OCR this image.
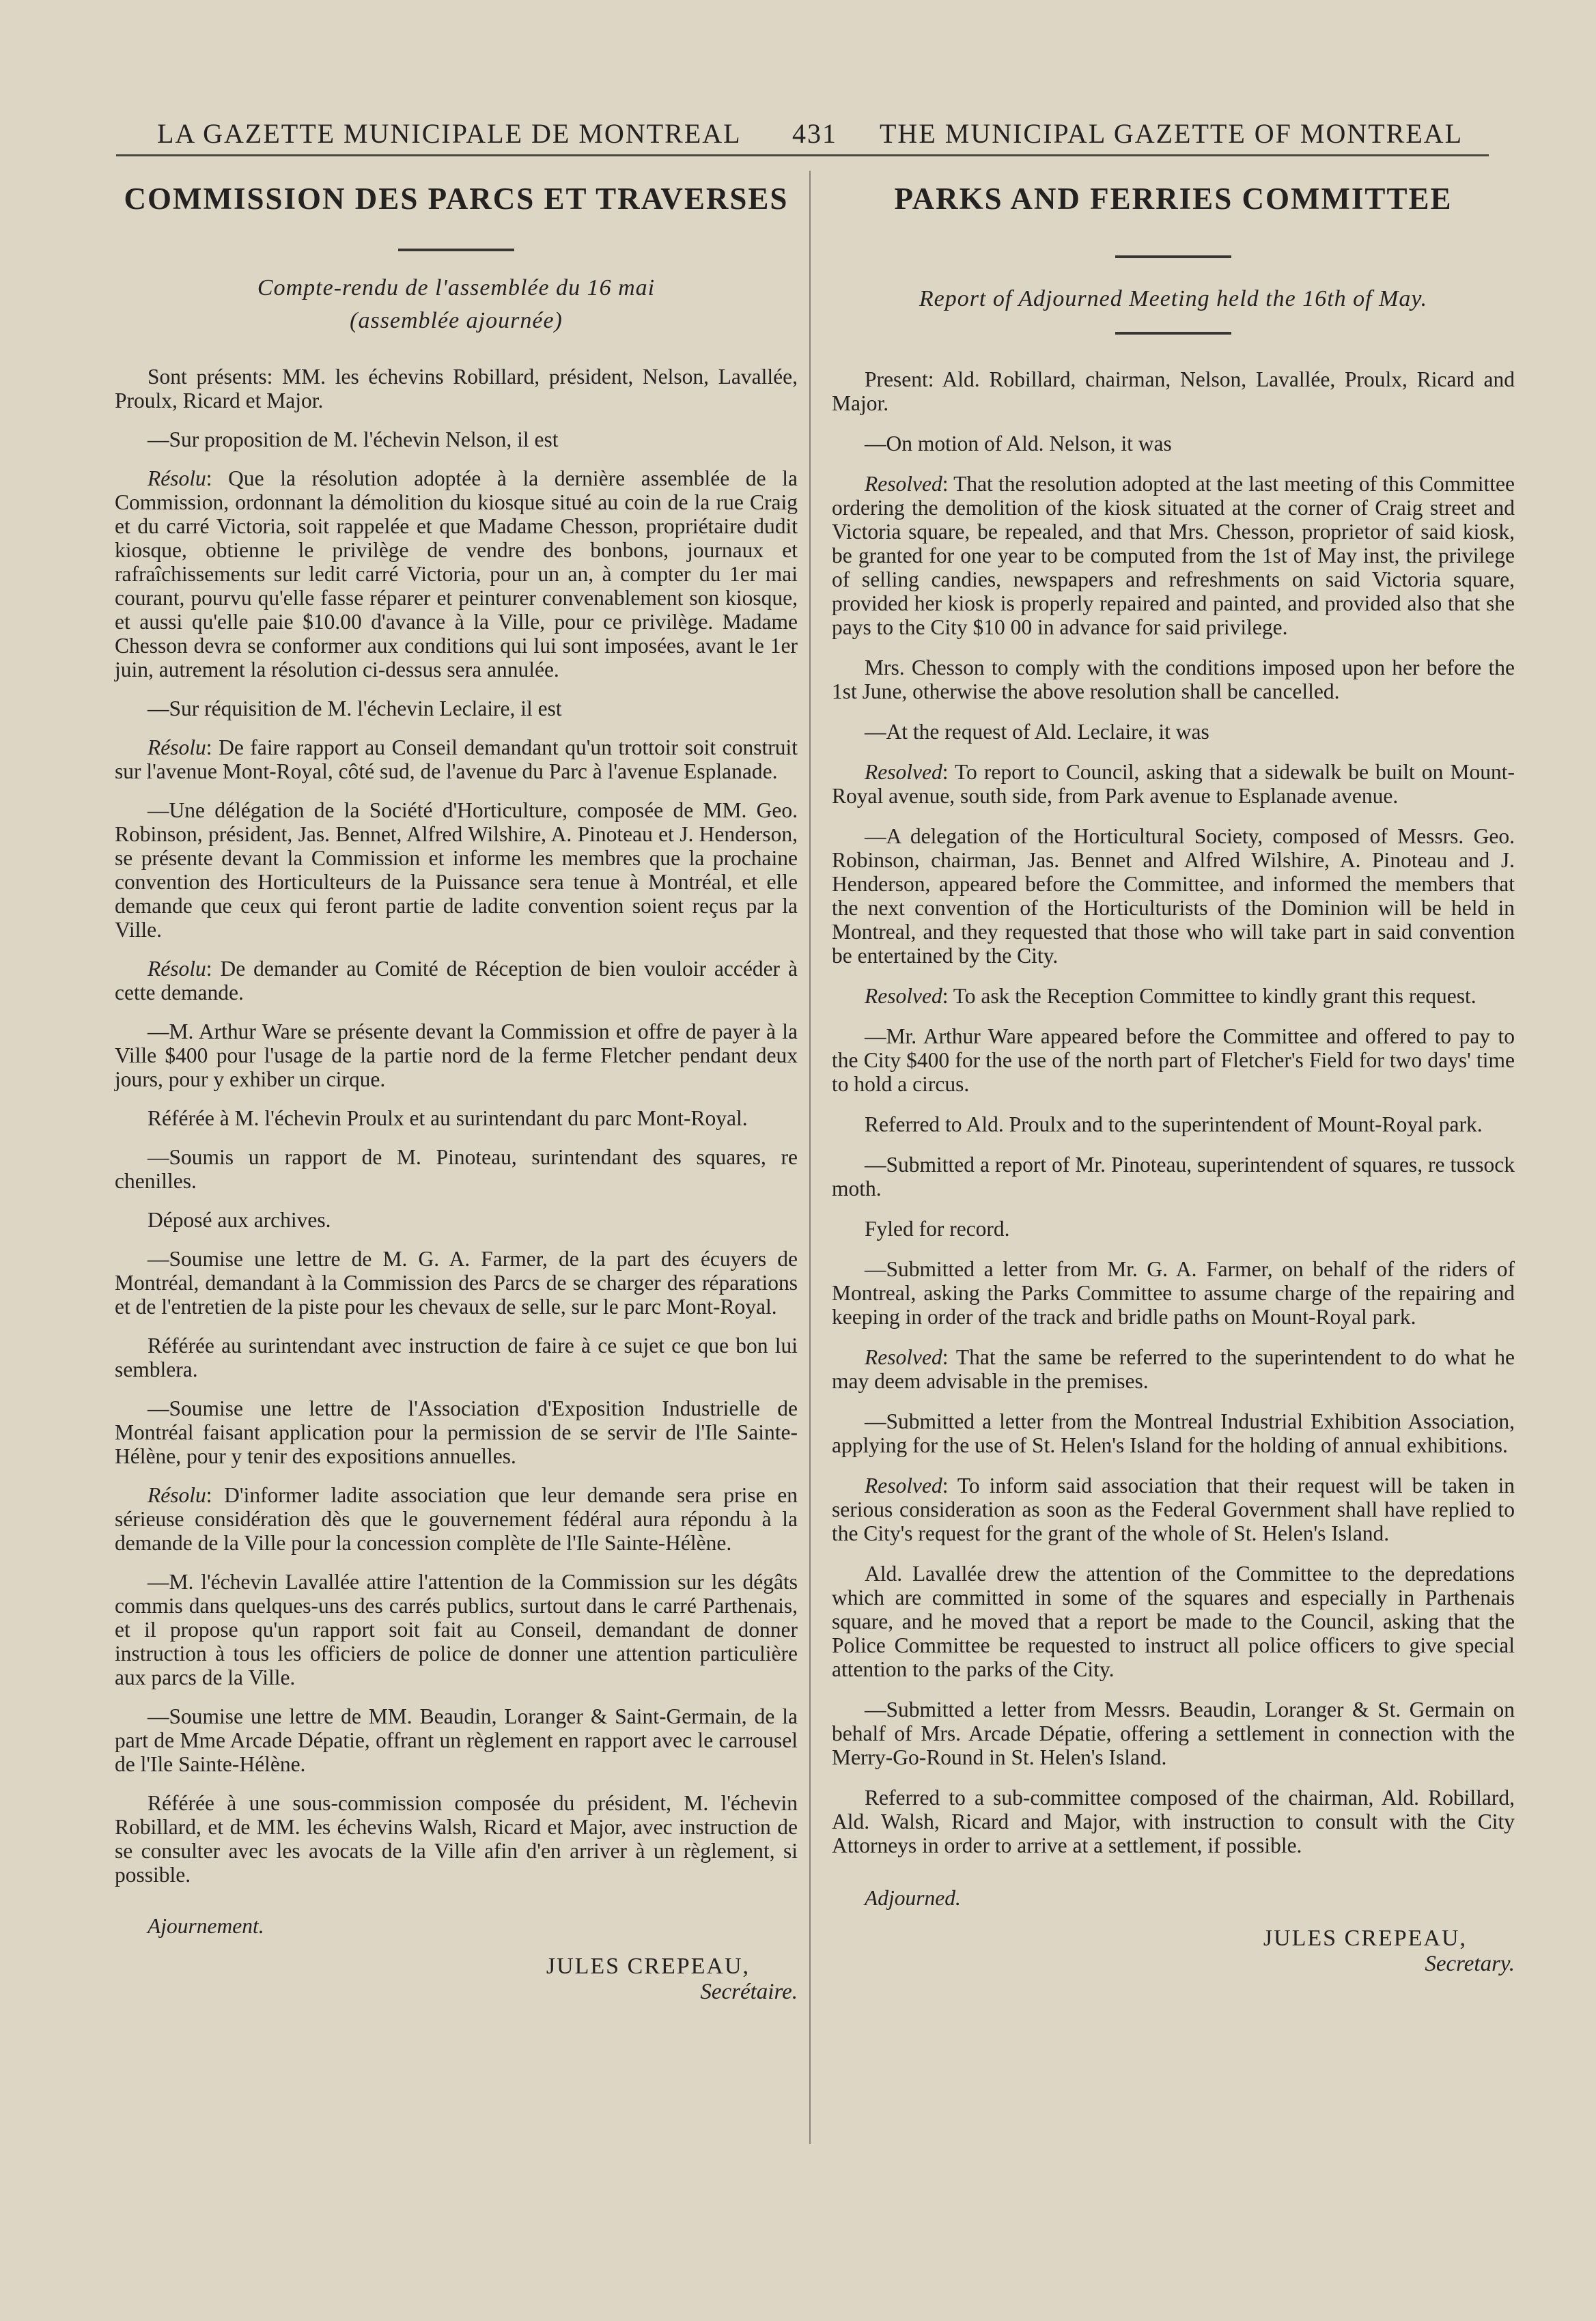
LA GAZETTE MUNICIPALE DE MONTREAL 431 THE MUNICIPAL GAZETTE OF MONTREAL
COMMISSION DES PARCS ET TRAVERSES

Compte-rendu de l'assemblée du 16 mai

(assemblée ajournée)

Sont présents: MM. les échevins Robillard, président, Nelson, Lavallée, Proulx, Ricard et Major.

—Sur proposition de M. l'échevin Nelson, il est

Résolu: Que la résolution adoptée à la dernière assemblée de la Commission, ordonnant la démolition du kiosque situé au coin de la rue Craig et du carré Victoria, soit rappelée et que Madame Chesson, propriétaire dudit kiosque, obtienne le privilège de vendre des bonbons, journaux et rafraîchissements sur ledit carré Victoria, pour un an, à compter du 1er mai courant, pourvu qu'elle fasse réparer et peinturer convenablement son kiosque, et aussi qu'elle paie $10.00 d'avance à la Ville, pour ce privilège. Madame Chesson devra se conformer aux conditions qui lui sont imposées, avant le 1er juin, autrement la résolution ci-dessus sera annulée.

—Sur réquisition de M. l'échevin Leclaire, il est

Résolu: De faire rapport au Conseil demandant qu'un trottoir soit construit sur l'avenue Mont-Royal, côté sud, de l'avenue du Parc à l'avenue Esplanade.

—Une délégation de la Société d'Horticulture, composée de MM. Geo. Robinson, président, Jas. Bennet, Alfred Wilshire, A. Pinoteau et J. Henderson, se présente devant la Commission et informe les membres que la prochaine convention des Horticulteurs de la Puissance sera tenue à Montréal, et elle demande que ceux qui feront partie de ladite convention soient reçus par la Ville.

Résolu: De demander au Comité de Réception de bien vouloir accéder à cette demande.

—M. Arthur Ware se présente devant la Commission et offre de payer à la Ville $400 pour l'usage de la partie nord de la ferme Fletcher pendant deux jours, pour y exhiber un cirque.

Référée à M. l'échevin Proulx et au surintendant du parc Mont-Royal.

—Soumis un rapport de M. Pinoteau, surintendant des squares, re chenilles.

Déposé aux archives.

—Soumise une lettre de M. G. A. Farmer, de la part des écuyers de Montréal, demandant à la Commission des Parcs de se charger des réparations et de l'entretien de la piste pour les chevaux de selle, sur le parc Mont-Royal.

Référée au surintendant avec instruction de faire à ce sujet ce que bon lui semblera.

—Soumise une lettre de l'Association d'Exposition Industrielle de Montréal faisant application pour la permission de se servir de l'Ile Sainte-Hélène, pour y tenir des expositions annuelles.

Résolu: D'informer ladite association que leur demande sera prise en sérieuse considération dès que le gouvernement fédéral aura répondu à la demande de la Ville pour la concession complète de l'Ile Sainte-Hélène.

—M. l'échevin Lavallée attire l'attention de la Commission sur les dégâts commis dans quelques-uns des carrés publics, surtout dans le carré Parthenais, et il propose qu'un rapport soit fait au Conseil, demandant de donner instruction à tous les officiers de police de donner une attention particulière aux parcs de la Ville.

—Soumise une lettre de MM. Beaudin, Loranger & Saint-Germain, de la part de Mme Arcade Dépatie, offrant un règlement en rapport avec le carrousel de l'Ile Sainte-Hélène.

Référée à une sous-commission composée du président, M. l'échevin Robillard, et de MM. les échevins Walsh, Ricard et Major, avec instruction de se consulter avec les avocats de la Ville afin d'en arriver à un règlement, si possible.

Ajournement.

JULES CREPEAU,

Secrétaire.

PARKS AND FERRIES COMMITTEE

Report of Adjourned Meeting held the 16th of May.

Present: Ald. Robillard, chairman, Nelson, Lavallée, Proulx, Ricard and Major.

—On motion of Ald. Nelson, it was

Resolved: That the resolution adopted at the last meeting of this Committee ordering the demolition of the kiosk situated at the corner of Craig street and Victoria square, be repealed, and that Mrs. Chesson, proprietor of said kiosk, be granted for one year to be computed from the 1st of May inst, the privilege of selling candies, newspapers and refreshments on said Victoria square, provided her kiosk is properly repaired and painted, and provided also that she pays to the City $10 00 in advance for said privilege.

Mrs. Chesson to comply with the conditions imposed upon her before the 1st June, otherwise the above resolution shall be cancelled.

—At the request of Ald. Leclaire, it was

Resolved: To report to Council, asking that a sidewalk be built on Mount-Royal avenue, south side, from Park avenue to Esplanade avenue.

—A delegation of the Horticultural Society, composed of Messrs. Geo. Robinson, chairman, Jas. Bennet and Alfred Wilshire, A. Pinoteau and J. Henderson, appeared before the Committee, and informed the members that the next convention of the Horticulturists of the Dominion will be held in Montreal, and they requested that those who will take part in said convention be entertained by the City.

Resolved: To ask the Reception Committee to kindly grant this request.

—Mr. Arthur Ware appeared before the Committee and offered to pay to the City $400 for the use of the north part of Fletcher's Field for two days' time to hold a circus.

Referred to Ald. Proulx and to the superintendent of Mount-Royal park.

—Submitted a report of Mr. Pinoteau, superintendent of squares, re tussock moth.

Fyled for record.

—Submitted a letter from Mr. G. A. Farmer, on behalf of the riders of Montreal, asking the Parks Committee to assume charge of the repairing and keeping in order of the track and bridle paths on Mount-Royal park.

Resolved: That the same be referred to the superintendent to do what he may deem advisable in the premises.

—Submitted a letter from the Montreal Industrial Exhibition Association, applying for the use of St. Helen's Island for the holding of annual exhibitions.

Resolved: To inform said association that their request will be taken in serious consideration as soon as the Federal Government shall have replied to the City's request for the grant of the whole of St. Helen's Island.

Ald. Lavallée drew the attention of the Committee to the depredations which are committed in some of the squares and especially in Parthenais square, and he moved that a report be made to the Council, asking that the Police Committee be requested to instruct all police officers to give special attention to the parks of the City.

—Submitted a letter from Messrs. Beaudin, Loranger & St. Germain on behalf of Mrs. Arcade Dépatie, offering a settlement in connection with the Merry-Go-Round in St. Helen's Island.

Referred to a sub-committee composed of the chairman, Ald. Robillard, Ald. Walsh, Ricard and Major, with instruction to consult with the City Attorneys in order to arrive at a settlement, if possible.

Adjourned.

JULES CREPEAU,

Secretary.
